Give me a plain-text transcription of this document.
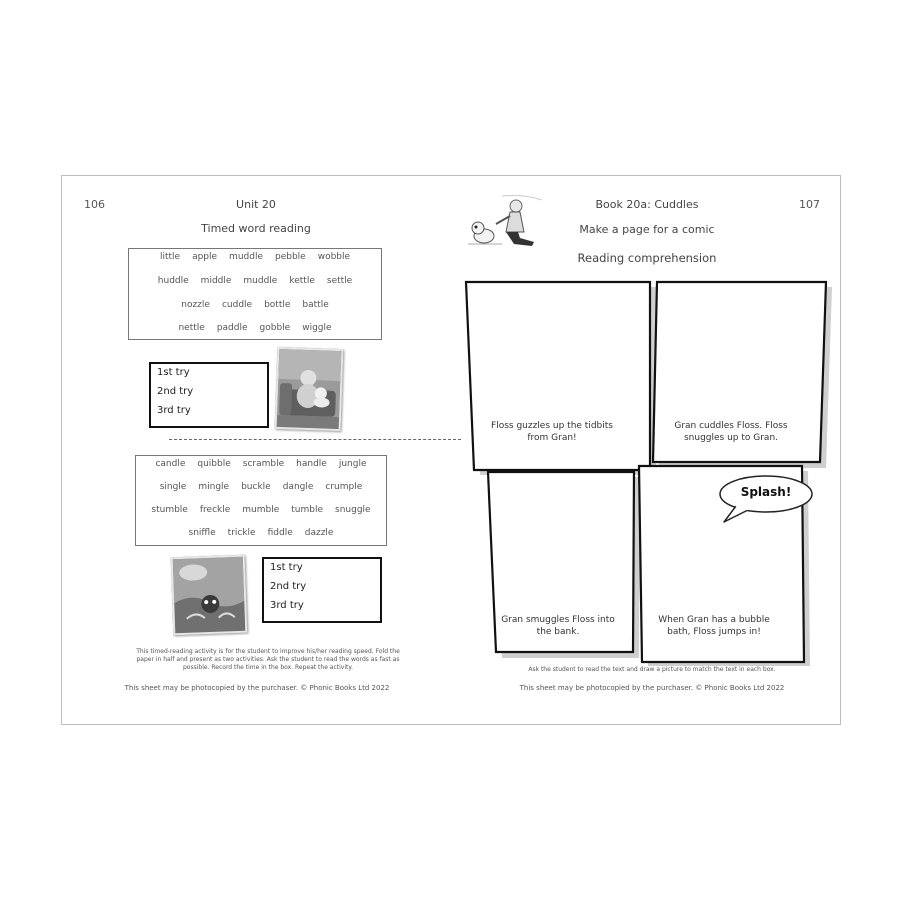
106	Unit 20
Timed word reading
little apple muddle pebble wobble
huddle middle muddle kettle settle
nozzle cuddle bottle battle
nettle paddle gobble wiggle
1st try
2nd try
3rd try
candle quibble scramble handle jungle
single mingle buckle dangle crumple
stumble freckle mumble tumble snuggle
sniffle trickle fiddle dazzle
1st try
2nd try
3rd try
This timed-reading activity is for the student to improve his/her reading speed. Fold the paper in half and present as two activities. Ask the student to read the words as fast as possible. Record the time in the box. Repeat the activity.
This sheet may be photocopied by the purchaser. © Phonic Books Ltd 2022
107
Book 20a: Cuddles
Make a page for a comic
Reading comprehension
Floss guzzles up the tidbits from Gran!
Gran cuddles Floss. Floss snuggles up to Gran.
Gran smuggles Floss into the bank.
When Gran has a bubble bath, Floss jumps in!
Splash!
Ask the student to read the text and draw a picture to match the text in each box.
This sheet may be photocopied by the purchaser. © Phonic Books Ltd 2022
